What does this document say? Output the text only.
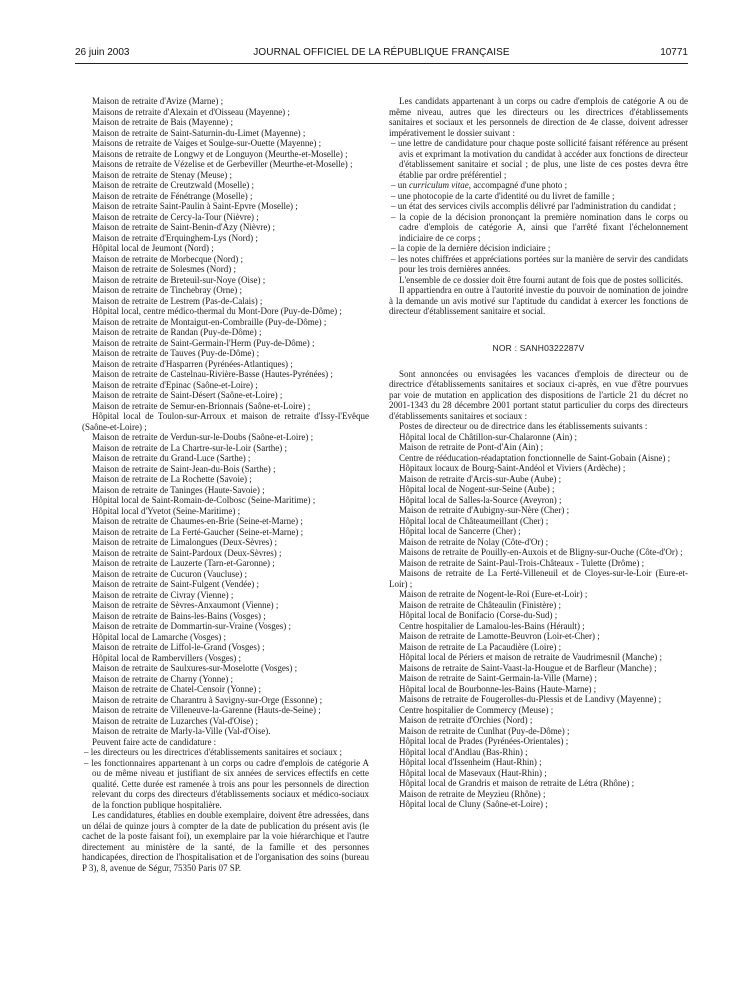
26 juin 2003	JOURNAL OFFICIEL DE LA RÉPUBLIQUE FRANÇAISE	10771

Maison de retraite d'Avize (Marne) ;

Maisons de retraite d'Alexain et d'Oisseau (Mayenne) ;

Maison de retraite de Bais (Mayenne) ;

Maison de retraite de Saint-Saturnin-du-Limet (Mayenne) ;

Maisons de retraite de Vaiges et Soulge-sur-Ouette (Mayenne) ;

Maisons de retraite de Longwy et de Longuyon (Meurthe-et-Moselle) ;

Maisons de retraite de Vézelise et de Gerbeviller (Meurthe-et-Moselle) ;

Maison de retraite de Stenay (Meuse) ;

Maison de retraite de Creutzwald (Moselle) ;

Maison de retraite de Fénétrange (Moselle) ;

Maison de retraite Saint-Paulin à Saint-Epvre (Moselle) ;

Maison de retraite de Cercy-la-Tour (Nièvre) ;

Maison de retraite de Saint-Benin-d'Azy (Nièvre) ;

Maison de retraite d'Erquinghem-Lys (Nord) ;

Hôpital local de Jeumont (Nord) ;

Maison de retraite de Morbecque (Nord) ;

Maison de retraite de Solesmes (Nord) ;

Maison de retraite de Breteuil-sur-Noye (Oise) ;

Maison de retraite de Tinchebray (Orne) ;

Maison de retraite de Lestrem (Pas-de-Calais) ;

Hôpital local, centre médico-thermal du Mont-Dore (Puy-de-Dôme) ;

Maison de retraite de Montaigut-en-Combraille (Puy-de-Dôme) ;

Maison de retraite de Randan (Puy-de-Dôme) ;

Maison de retraite de Saint-Germain-l'Herm (Puy-de-Dôme) ;

Maison de retraite de Tauves (Puy-de-Dôme) ;

Maison de retraite d'Hasparren (Pyrénées-Atlantiques) ;

Maison de retraite de Castelnau-Rivière-Basse (Hautes-Pyrénées) ;

Maison de retraite d'Epinac (Saône-et-Loire) ;

Maison de retraite de Saint-Désert (Saône-et-Loire) ;

Maison de retraite de Semur-en-Brionnais (Saône-et-Loire) ;

Hôpital local de Toulon-sur-Arroux et maison de retraite d'Issy-l'Evêque (Saône-et-Loire) ;

Maison de retraite de Verdun-sur-le-Doubs (Saône-et-Loire) ;

Maison de retraite de La Chartre-sur-le-Loir (Sarthe) ;

Maison de retraite du Grand-Luce (Sarthe) ;

Maison de retraite de Saint-Jean-du-Bois (Sarthe) ;

Maison de retraite de La Rochette (Savoie) ;

Maison de retraite de Taninges (Haute-Savoie) ;

Hôpital local de Saint-Romain-de-Colbosc (Seine-Maritime) ;

Hôpital local d'Yvetot (Seine-Maritime) ;

Maison de retraite de Chaumes-en-Brie (Seine-et-Marne) ;

Maison de retraite de La Ferté-Gaucher (Seine-et-Marne) ;

Maison de retraite de Limalongues (Deux-Sèvres) ;

Maison de retraite de Saint-Pardoux (Deux-Sèvres) ;

Maison de retraite de Lauzerte (Tarn-et-Garonne) ;

Maison de retraite de Cucuron (Vaucluse) ;

Maison de retraite de Saint-Fulgent (Vendée) ;

Maison de retraite de Civray (Vienne) ;

Maison de retraite de Sèvres-Anxaumont (Vienne) ;

Maison de retraite de Bains-les-Bains (Vosges) ;

Maison de retraite de Dommartin-sur-Vraine (Vosges) ;

Hôpital local de Lamarche (Vosges) ;

Maison de retraite de Liffol-le-Grand (Vosges) ;

Hôpital local de Rambervillers (Vosges) ;

Maison de retraite de Saulxures-sur-Moselotte (Vosges) ;

Maison de retraite de Charny (Yonne) ;

Maison de retraite de Chatel-Censoir (Yonne) ;

Maison de retraite de Charantru à Savigny-sur-Orge (Essonne) ;

Maison de retraite de Villeneuve-la-Garenne (Hauts-de-Seine) ;

Maison de retraite de Luzarches (Val-d'Oise) ;

Maison de retraite de Marly-la-Ville (Val-d'Oise).

Peuvent faire acte de candidature :

– les directeurs ou les directrices d'établissements sanitaires et sociaux ;

– les fonctionnaires appartenant à un corps ou cadre d'emplois de catégorie A ou de même niveau et justifiant de six années de services effectifs en cette qualité. Cette durée est ramenée à trois ans pour les personnels de direction relevant du corps des directeurs d'établissements sociaux et médico-sociaux de la fonction publique hospitalière.

Les candidatures, établies en double exemplaire, doivent être adressées, dans un délai de quinze jours à compter de la date de publication du présent avis (le cachet de la poste faisant foi), un exemplaire par la voie hiérarchique et l'autre directement au ministère de la santé, de la famille et des personnes handicapées, direction de l'hospitalisation et de l'organisation des soins (bureau P 3), 8, avenue de Ségur, 75350 Paris 07 SP.

Les candidats appartenant à un corps ou cadre d'emplois de catégorie A ou de même niveau, autres que les directeurs ou les directrices d'établissements sanitaires et sociaux et les personnels de direction de 4e classe, doivent adresser impérativement le dossier suivant :

– une lettre de candidature pour chaque poste sollicité faisant référence au présent avis et exprimant la motivation du candidat à accéder aux fonctions de directeur d'établissement sanitaire et social ; de plus, une liste de ces postes devra être établie par ordre préférentiel ;

– un curriculum vitae, accompagné d'une photo ;

– une photocopie de la carte d'identité ou du livret de famille ;

– un état des services civils accomplis délivré par l'administration du candidat ;

– la copie de la décision prononçant la première nomination dans le corps ou cadre d'emplois de catégorie A, ainsi que l'arrêté fixant l'échelonnement indiciaire de ce corps ;

– la copie de la dernière décision indiciaire ;

– les notes chiffrées et appréciations portées sur la manière de servir des candidats pour les trois dernières années.

L'ensemble de ce dossier doit être fourni autant de fois que de postes sollicités.

Il appartiendra en outre à l'autorité investie du pouvoir de nomination de joindre à la demande un avis motivé sur l'aptitude du candidat à exercer les fonctions de directeur d'établissement sanitaire et social.

NOR : SANH0322287V

Sont annoncées ou envisagées les vacances d'emplois de directeur ou de directrice d'établissements sanitaires et sociaux ci-après, en vue d'être pourvues par voie de mutation en application des dispositions de l'article 21 du décret no 2001-1343 du 28 décembre 2001 portant statut particulier du corps des directeurs d'établissements sanitaires et sociaux :

Postes de directeur ou de directrice dans les établissements suivants :

Hôpital local de Châtillon-sur-Chalaronne (Ain) ;

Maison de retraite de Pont-d'Ain (Ain) ;

Centre de rééducation-réadaptation fonctionnelle de Saint-Gobain (Aisne) ;

Hôpitaux locaux de Bourg-Saint-Andéol et Viviers (Ardèche) ;

Maison de retraite d'Arcis-sur-Aube (Aube) ;

Hôpital local de Nogent-sur-Seine (Aube) ;

Hôpital local de Salles-la-Source (Aveyron) ;

Maison de retraite d'Aubigny-sur-Nère (Cher) ;

Hôpital local de Châteaumeillant (Cher) ;

Hôpital local de Sancerre (Cher) ;

Maison de retraite de Nolay (Côte-d'Or) ;

Maisons de retraite de Pouilly-en-Auxois et de Bligny-sur-Ouche (Côte-d'Or) ;

Maison de retraite de Saint-Paul-Trois-Châteaux - Tulette (Drôme) ;

Maisons de retraite de La Ferté-Villeneuil et de Cloyes-sur-le-Loir (Eure-et-Loir) ;

Maison de retraite de Nogent-le-Roi (Eure-et-Loir) ;

Maison de retraite de Châteaulin (Finistère) ;

Hôpital local de Bonifacio (Corse-du-Sud) ;

Centre hospitalier de Lamalou-les-Bains (Hérault) ;

Maison de retraite de Lamotte-Beuvron (Loir-et-Cher) ;

Maison de retraite de La Pacaudière (Loire) ;

Hôpital local de Périers et maison de retraite de Vaudrimesnil (Manche) ;

Maisons de retraite de Saint-Vaast-la-Hougue et de Barfleur (Manche) ;

Maison de retraite de Saint-Germain-la-Ville (Marne) ;

Hôpital local de Bourbonne-les-Bains (Haute-Marne) ;

Maisons de retraite de Fougerolles-du-Plessis et de Landivy (Mayenne) ;

Centre hospitalier de Commercy (Meuse) ;

Maison de retraite d'Orchies (Nord) ;

Maison de retraite de Cunlhat (Puy-de-Dôme) ;

Hôpital local de Prades (Pyrénées-Orientales) ;

Hôpital local d'Andlau (Bas-Rhin) ;

Hôpital local d'Issenheim (Haut-Rhin) ;

Hôpital local de Masevaux (Haut-Rhin) ;

Hôpital local de Grandris et maison de retraite de Létra (Rhône) ;

Maison de retraite de Meyzieu (Rhône) ;

Hôpital local de Cluny (Saône-et-Loire) ;
